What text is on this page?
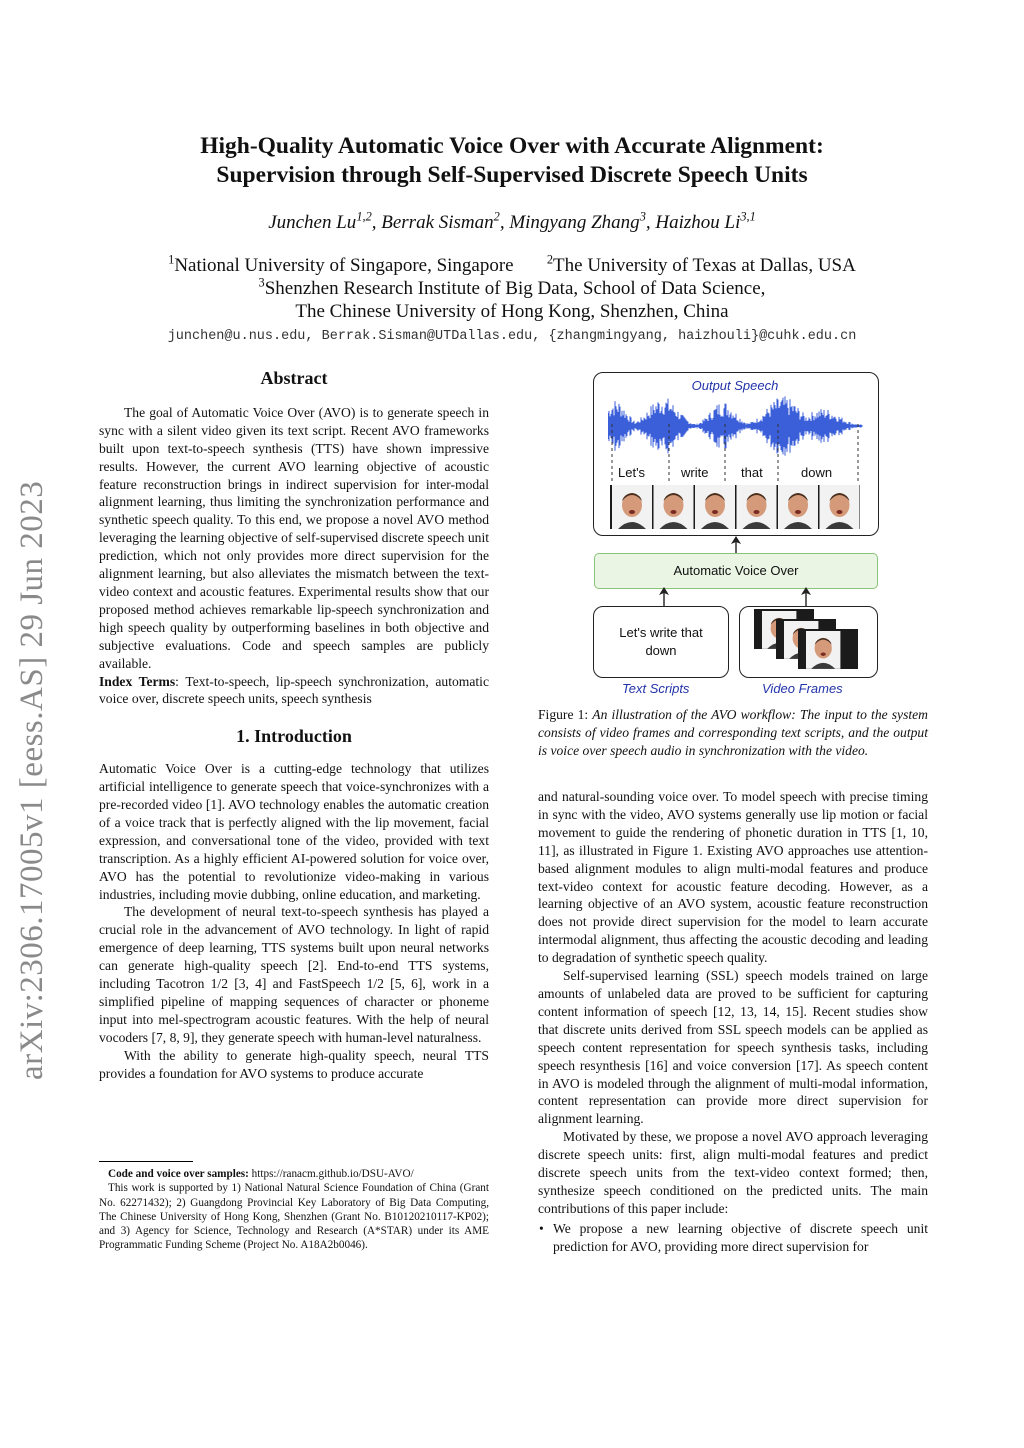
arXiv:2306.17005v1 [eess.AS] 29 Jun 2023
High-Quality Automatic Voice Over with Accurate Alignment:
Supervision through Self-Supervised Discrete Speech Units
Junchen Lu$^{1,2}$, Berrak Sisman$^2$, Mingyang Zhang$^3$, Haizhou Li$^{3,1}$
$^1$National University of Singapore, Singapore	$^2$The University of Texas at Dallas, USA
$^3$Shenzhen Research Institute of Big Data, School of Data Science,
The Chinese University of Hong Kong, Shenzhen, China
junchen@u.nus.edu, Berrak.Sisman@UTDallas.edu, {zhangmingyang, haizhouli}@cuhk.edu.cn
Abstract

The goal of Automatic Voice Over (AVO) is to generate speech in sync with a silent video given its text script. Recent AVO frameworks built upon text-to-speech synthesis (TTS) have shown impressive results. However, the current AVO learning objective of acoustic feature reconstruction brings in indirect supervision for inter-modal alignment learning, thus limiting the synchronization performance and synthetic speech quality. To this end, we propose a novel AVO method leveraging the learning objective of self-supervised discrete speech unit prediction, which not only provides more direct supervision for the alignment learning, but also alleviates the mismatch between the text-video context and acoustic features. Experimental results show that our proposed method achieves remarkable lip-speech synchronization and high speech quality by outperforming baselines in both objective and subjective evaluations. Code and speech samples are publicly available.

Index Terms: Text-to-speech, lip-speech synchronization, automatic voice over, discrete speech units, speech synthesis

1. Introduction

Automatic Voice Over is a cutting-edge technology that utilizes artificial intelligence to generate speech that voice-synchronizes with a pre-recorded video [1]. AVO technology enables the automatic creation of a voice track that is perfectly aligned with the lip movement, facial expression, and conversational tone of the video, provided with text transcription. As a highly efficient AI-powered solution for voice over, AVO has the potential to revolutionize video-making in various industries, including movie dubbing, online education, and marketing.

The development of neural text-to-speech synthesis has played a crucial role in the advancement of AVO technology. In light of rapid emergence of deep learning, TTS systems built upon neural networks can generate high-quality speech [2]. End-to-end TTS systems, including Tacotron 1/2 [3, 4] and FastSpeech 1/2 [5, 6], work in a simplified pipeline of mapping sequences of character or phoneme input into mel-spectrogram acoustic features. With the help of neural vocoders [7, 8, 9], they generate speech with human-level naturalness.

With the ability to generate high-quality speech, neural TTS provides a foundation for AVO systems to produce accurate

Code and voice over samples: https://ranacm.github.io/DSU-AVO/

This work is supported by 1) National Natural Science Foundation of China (Grant No. 62271432); 2) Guangdong Provincial Key Laboratory of Big Data Computing, The Chinese University of Hong Kong, Shenzhen (Grant No. B10120210117-KP02); and 3) Agency for Science, Technology and Research (A*STAR) under its AME Programmatic Funding Scheme (Project No. A18A2b0046).

Output Speech
Let's	write	that	down
Automatic Voice Over
Let's write that down
Text Scripts	Video Frames
Figure 1: An illustration of the AVO workflow: The input to the system consists of video frames and corresponding text scripts, and the output is voice over speech audio in synchronization with the video.

and natural-sounding voice over. To model speech with precise timing in sync with the video, AVO systems generally use lip motion or facial movement to guide the rendering of phonetic duration in TTS [1, 10, 11], as illustrated in Figure 1. Existing AVO approaches use attention-based alignment modules to align multi-modal features and produce text-video context for acoustic feature decoding. However, as a learning objective of an AVO system, acoustic feature reconstruction does not provide direct supervision for the model to learn accurate intermodal alignment, thus affecting the acoustic decoding and leading to degradation of synthetic speech quality.

Self-supervised learning (SSL) speech models trained on large amounts of unlabeled data are proved to be sufficient for capturing content information of speech [12, 13, 14, 15]. Recent studies show that discrete units derived from SSL speech models can be applied as speech content representation for speech synthesis tasks, including speech resynthesis [16] and voice conversion [17]. As speech content in AVO is modeled through the alignment of multi-modal information, content representation can provide more direct supervision for alignment learning.

Motivated by these, we propose a novel AVO approach leveraging discrete speech units: first, align multi-modal features and predict discrete speech units from the text-video context formed; then, synthesize speech conditioned on the predicted units. The main contributions of this paper include:

• We propose a new learning objective of discrete speech unit prediction for AVO, providing more direct supervision for
